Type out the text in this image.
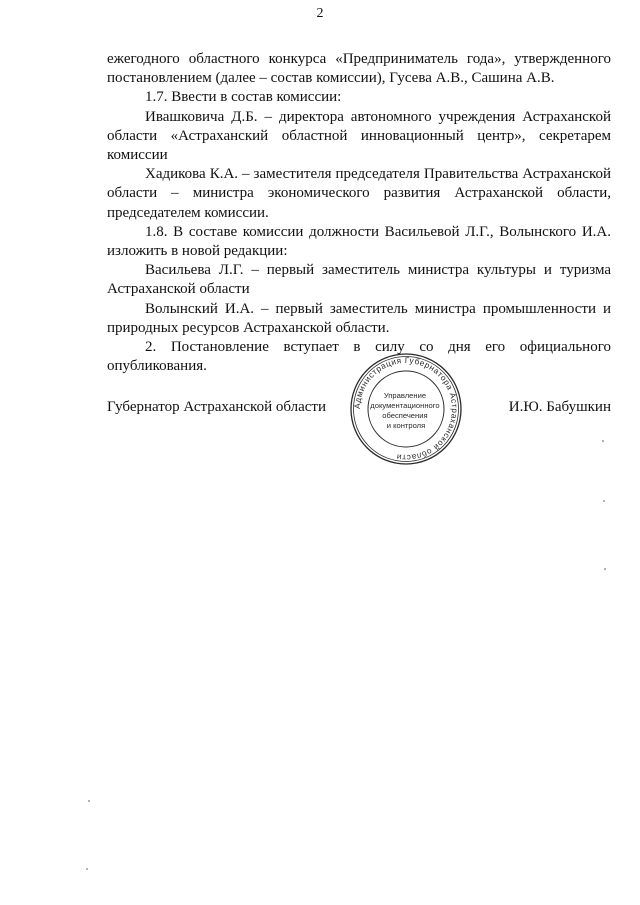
2

ежегодного областного конкурса «Предприниматель года», утвержденного постановлением (далее – состав комиссии), Гусева А.В., Сашина А.В.

1.7. Ввести в состав комиссии:

Ивашковича Д.Б. – директора автономного учреждения Астраханской области «Астраханский областной инновационный центр», секретарем комиссии

Хадикова К.А. – заместителя председателя Правительства Астраханской области – министра экономического развития Астраханской области, председателем комиссии.

1.8. В составе комиссии должности Васильевой Л.Г., Волынского И.А. изложить в новой редакции:

Васильева Л.Г. – первый заместитель министра культуры и туризма Астраханской области

Волынский И.А. – первый заместитель министра промышленности и природных ресурсов Астраханской области.

2. Постановление вступает в силу со дня его официального опубликования.

Губернатор Астраханской области	Администрация Губернатора Астраханской области
Управление документационного обеспечения и контроля
И.Ю. Бабушкин
